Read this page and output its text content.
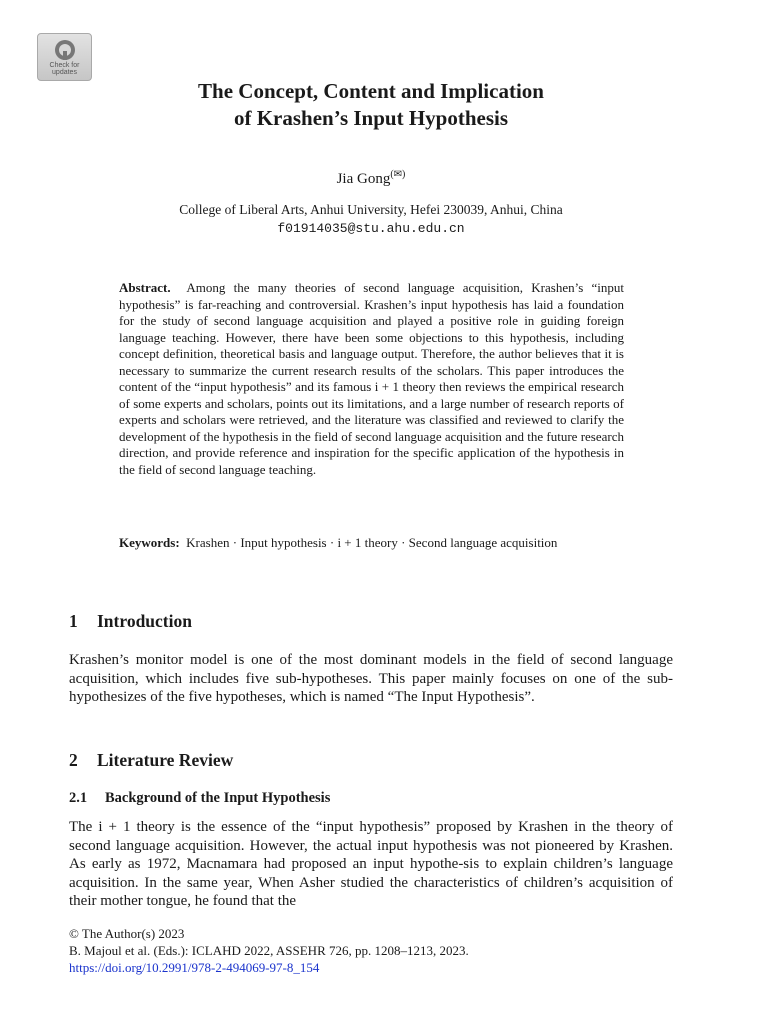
Check for
updates
The Concept, Content and Implication
of Krashen’s Input Hypothesis
Jia Gong(✉)
College of Liberal Arts, Anhui University, Hefei 230039, Anhui, China
f01914035@stu.ahu.edu.cn

Abstract. Among the many theories of second language acquisition, Krashen’s “input hypothesis” is far-reaching and controversial. Krashen’s input hypothesis has laid a foundation for the study of second language acquisition and played a positive role in guiding foreign language teaching. However, there have been some objections to this hypothesis, including concept definition, theoretical basis and language output. Therefore, the author believes that it is necessary to summarize the current research results of the scholars. This paper introduces the content of the “input hypothesis” and its famous i + 1 theory then reviews the empirical research of some experts and scholars, points out its limitations, and a large number of research reports of experts and scholars were retrieved, and the literature was classified and reviewed to clarify the development of the hypothesis in the field of second language acquisition and the future research direction, and provide reference and inspiration for the specific application of the hypothesis in the field of second language teaching.

Keywords: Krashen · Input hypothesis · i + 1 theory · Second language acquisition

1 Introduction

Krashen’s monitor model is one of the most dominant models in the field of second language acquisition, which includes five sub-hypotheses. This paper mainly focuses on one of the sub-hypothesizes of the five hypotheses, which is named “The Input Hypothesis”.

2 Literature Review
2.1 Background of the Input Hypothesis

The i + 1 theory is the essence of the “input hypothesis” proposed by Krashen in the theory of second language acquisition. However, the actual input hypothesis was not pioneered by Krashen. As early as 1972, Macnamara had proposed an input hypothe-sis to explain children’s language acquisition. In the same year, When Asher studied the characteristics of children’s acquisition of their mother tongue, he found that the

© The Author(s) 2023
B. Majoul et al. (Eds.): ICLAHD 2022, ASSEHR 726, pp. 1208–1213, 2023.
https://doi.org/10.2991/978-2-494069-97-8_154
